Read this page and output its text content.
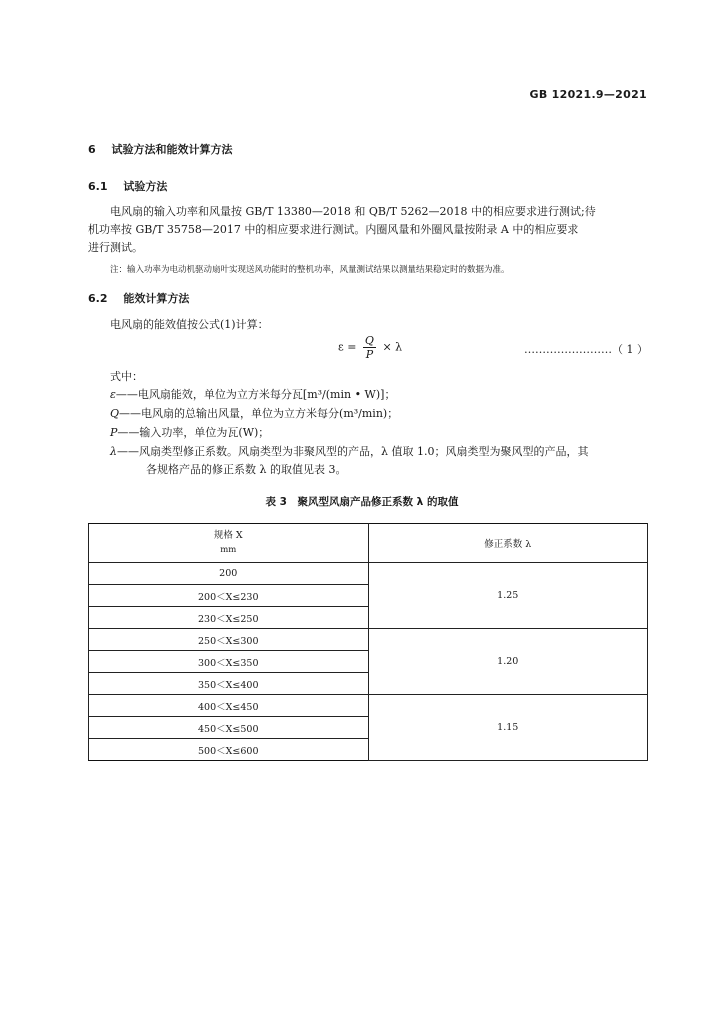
GB 12021.9—2021
6 试验方法和能效计算方法
6.1 试验方法
电风扇的输入功率和风量按 GB/T 13380—2018 和 QB/T 5262—2018 中的相应要求进行测试;待
机功率按 GB/T 35758—2017 中的相应要求进行测试。内圈风量和外圈风量按附录 A 中的相应要求
进行测试。
注：输入功率为电动机驱动扇叶实现送风功能时的整机功率，风量测试结果以测量结果稳定时的数据为准。
6.2 能效计算方法
电风扇的能效值按公式(1)计算：
$\varepsilon = \frac{Q}{P} \times \lambda$	……………………（ 1 ）
式中：
ε——电风扇能效，单位为立方米每分瓦[m³/(min • W)]；
Q——电风扇的总输出风量，单位为立方米每分(m³/min)；
P——输入功率，单位为瓦(W)；
λ——风扇类型修正系数。风扇类型为非聚风型的产品，λ 值取 1.0；风扇类型为聚风型的产品，其
各规格产品的修正系数 λ 的取值见表 3。
表 3　聚风型风扇产品修正系数 λ 的取值
规格 X
mm	修正系数 λ
200	1.25
200＜X≤230	
230＜X≤250	
250＜X≤300	1.20
300＜X≤350	
350＜X≤400	
400＜X≤450	1.15
450＜X≤500	
500＜X≤600	
